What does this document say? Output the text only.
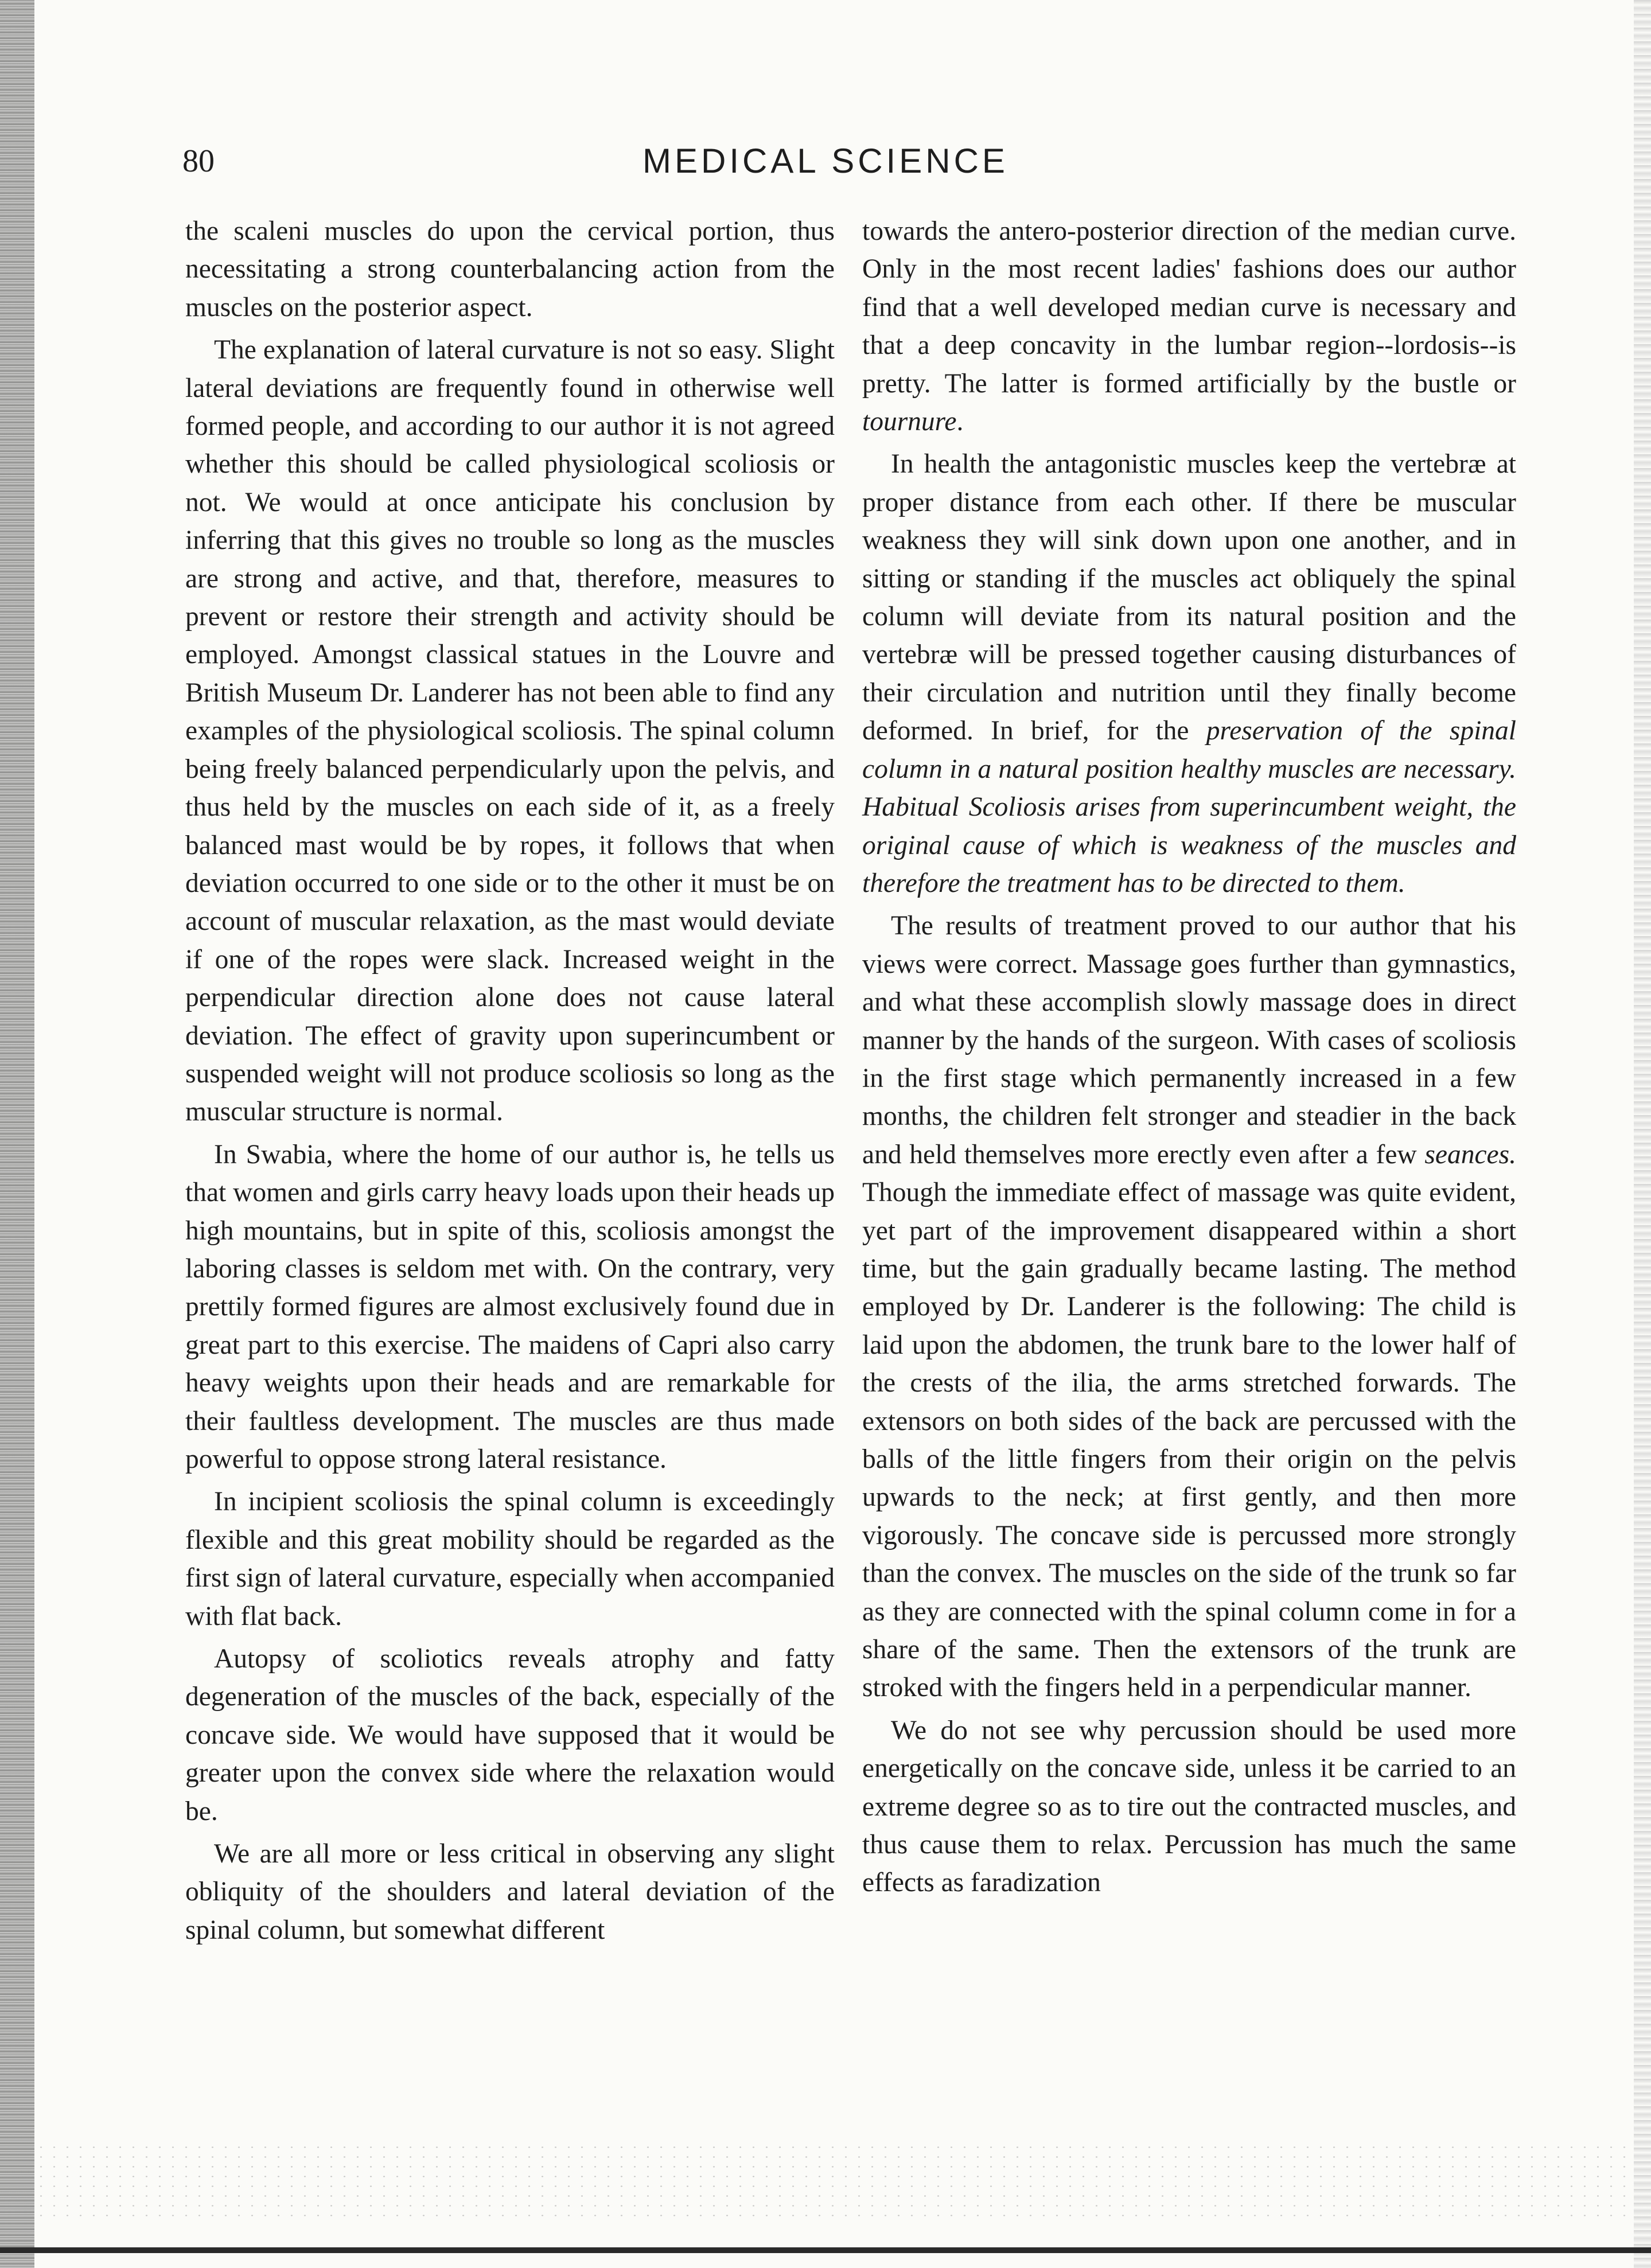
80	MEDICAL SCIENCE

the scaleni muscles do upon the cervical portion, thus necessitating a strong counterbalancing action from the muscles on the posterior aspect.

The explanation of lateral curvature is not so easy. Slight lateral deviations are frequently found in otherwise well formed people, and according to our author it is not agreed whether this should be called physiological scoliosis or not. We would at once anticipate his conclusion by inferring that this gives no trouble so long as the muscles are strong and active, and that, therefore, measures to prevent or restore their strength and activity should be employed. Amongst classical statues in the Louvre and British Museum Dr. Landerer has not been able to find any examples of the physiological scoliosis. The spinal column being freely balanced perpendicularly upon the pelvis, and thus held by the muscles on each side of it, as a freely balanced mast would be by ropes, it follows that when deviation occurred to one side or to the other it must be on account of muscular relaxation, as the mast would deviate if one of the ropes were slack. Increased weight in the perpendicular direction alone does not cause lateral deviation. The effect of gravity upon superincumbent or suspended weight will not produce scoliosis so long as the muscular structure is normal.

In Swabia, where the home of our author is, he tells us that women and girls carry heavy loads upon their heads up high mountains, but in spite of this, scoliosis amongst the laboring classes is seldom met with. On the contrary, very prettily formed figures are almost exclusively found due in great part to this exercise. The maidens of Capri also carry heavy weights upon their heads and are remarkable for their faultless development. The muscles are thus made powerful to oppose strong lateral resistance.

In incipient scoliosis the spinal column is exceedingly flexible and this great mobility should be regarded as the first sign of lateral curvature, especially when accompanied with flat back.

Autopsy of scoliotics reveals atrophy and fatty degeneration of the muscles of the back, especially of the concave side. We would have supposed that it would be greater upon the convex side where the relaxation would be.

We are all more or less critical in observing any slight obliquity of the shoulders and lateral deviation of the spinal column, but somewhat different

towards the antero-posterior direction of the median curve. Only in the most recent ladies' fashions does our author find that a well developed median curve is necessary and that a deep concavity in the lumbar region--lordosis--is pretty. The latter is formed artificially by the bustle or tournure.

In health the antagonistic muscles keep the vertebræ at proper distance from each other. If there be muscular weakness they will sink down upon one another, and in sitting or standing if the muscles act obliquely the spinal column will deviate from its natural position and the vertebræ will be pressed together causing disturbances of their circulation and nutrition until they finally become deformed. In brief, for the preservation of the spinal column in a natural position healthy muscles are necessary. Habitual Scoliosis arises from superincumbent weight, the original cause of which is weakness of the muscles and therefore the treatment has to be directed to them.

The results of treatment proved to our author that his views were correct. Massage goes further than gymnastics, and what these accomplish slowly massage does in direct manner by the hands of the surgeon. With cases of scoliosis in the first stage which permanently increased in a few months, the children felt stronger and steadier in the back and held themselves more erectly even after a few seances. Though the immediate effect of massage was quite evident, yet part of the improvement disappeared within a short time, but the gain gradually became lasting. The method employed by Dr. Landerer is the following: The child is laid upon the abdomen, the trunk bare to the lower half of the crests of the ilia, the arms stretched forwards. The extensors on both sides of the back are percussed with the balls of the little fingers from their origin on the pelvis upwards to the neck; at first gently, and then more vigorously. The concave side is percussed more strongly than the convex. The muscles on the side of the trunk so far as they are connected with the spinal column come in for a share of the same. Then the extensors of the trunk are stroked with the fingers held in a perpendicular manner.

We do not see why percussion should be used more energetically on the concave side, unless it be carried to an extreme degree so as to tire out the contracted muscles, and thus cause them to relax. Percussion has much the same effects as faradization
